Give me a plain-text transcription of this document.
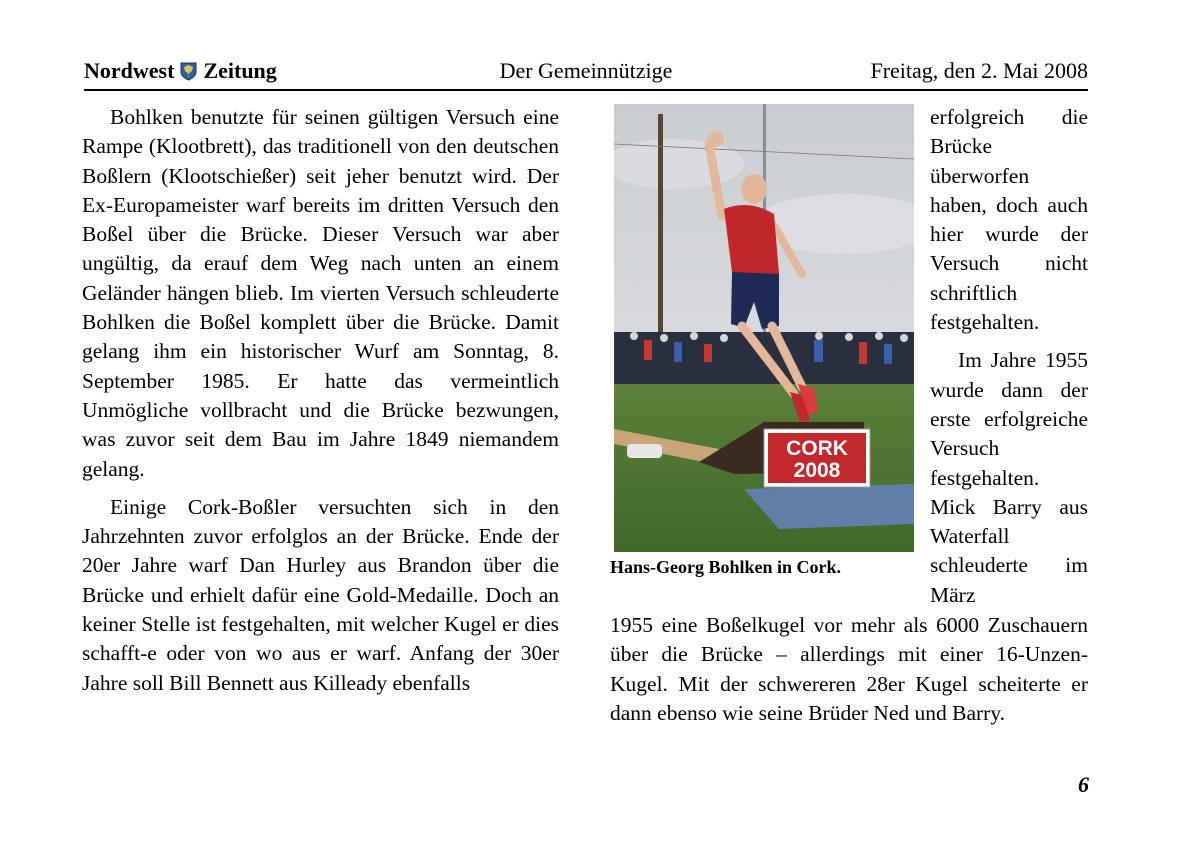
Nordwest Zeitung	Der Gemeinnützige	Freitag, den 2. Mai 2008

Bohlken benutzte für seinen gültigen Versuch eine Rampe (Klootbrett), das traditionell von den deutschen Boßlern (Klootschießer) seit jeher benutzt wird. Der Ex-Europameister warf bereits im dritten Versuch den Boßel über die Brücke. Dieser Versuch war aber ungültig, da erauf dem Weg nach unten an einem Geländer hängen blieb. Im vierten Versuch schleuderte Bohlken die Boßel komplett über die Brücke. Damit gelang ihm ein historischer Wurf am Sonntag, 8. September 1985. Er hatte das vermeintlich Unmögliche vollbracht und die Brücke bezwungen, was zuvor seit dem Bau im Jahre 1849 niemandem gelang.

Einige Cork-Boßler versuchten sich in den Jahrzehnten zuvor erfolglos an der Brücke. Ende der 20er Jahre warf Dan Hurley aus Brandon über die Brücke und erhielt dafür eine Gold-Medaille. Doch an keiner Stelle ist festgehalten, mit welcher Kugel er dies schafft-e oder von wo aus er warf. Anfang der 30er Jahre soll Bill Bennett aus Killeady ebenfalls

CORK
2008
Hans-Georg Bohlken in Cork.

erfolgreich die Brücke überworfen haben, doch auch hier wurde der Versuch nicht schriftlich festgehalten.

Im Jahre 1955 wurde dann der erste erfolgreiche Versuch festgehalten. Mick Barry aus Waterfall schleuderte im März

1955 eine Boßelkugel vor mehr als 6000 Zuschauern über die Brücke – allerdings mit einer 16-Unzen-Kugel. Mit der schwereren 28er Kugel scheiterte er dann ebenso wie seine Brüder Ned und Barry.

6
